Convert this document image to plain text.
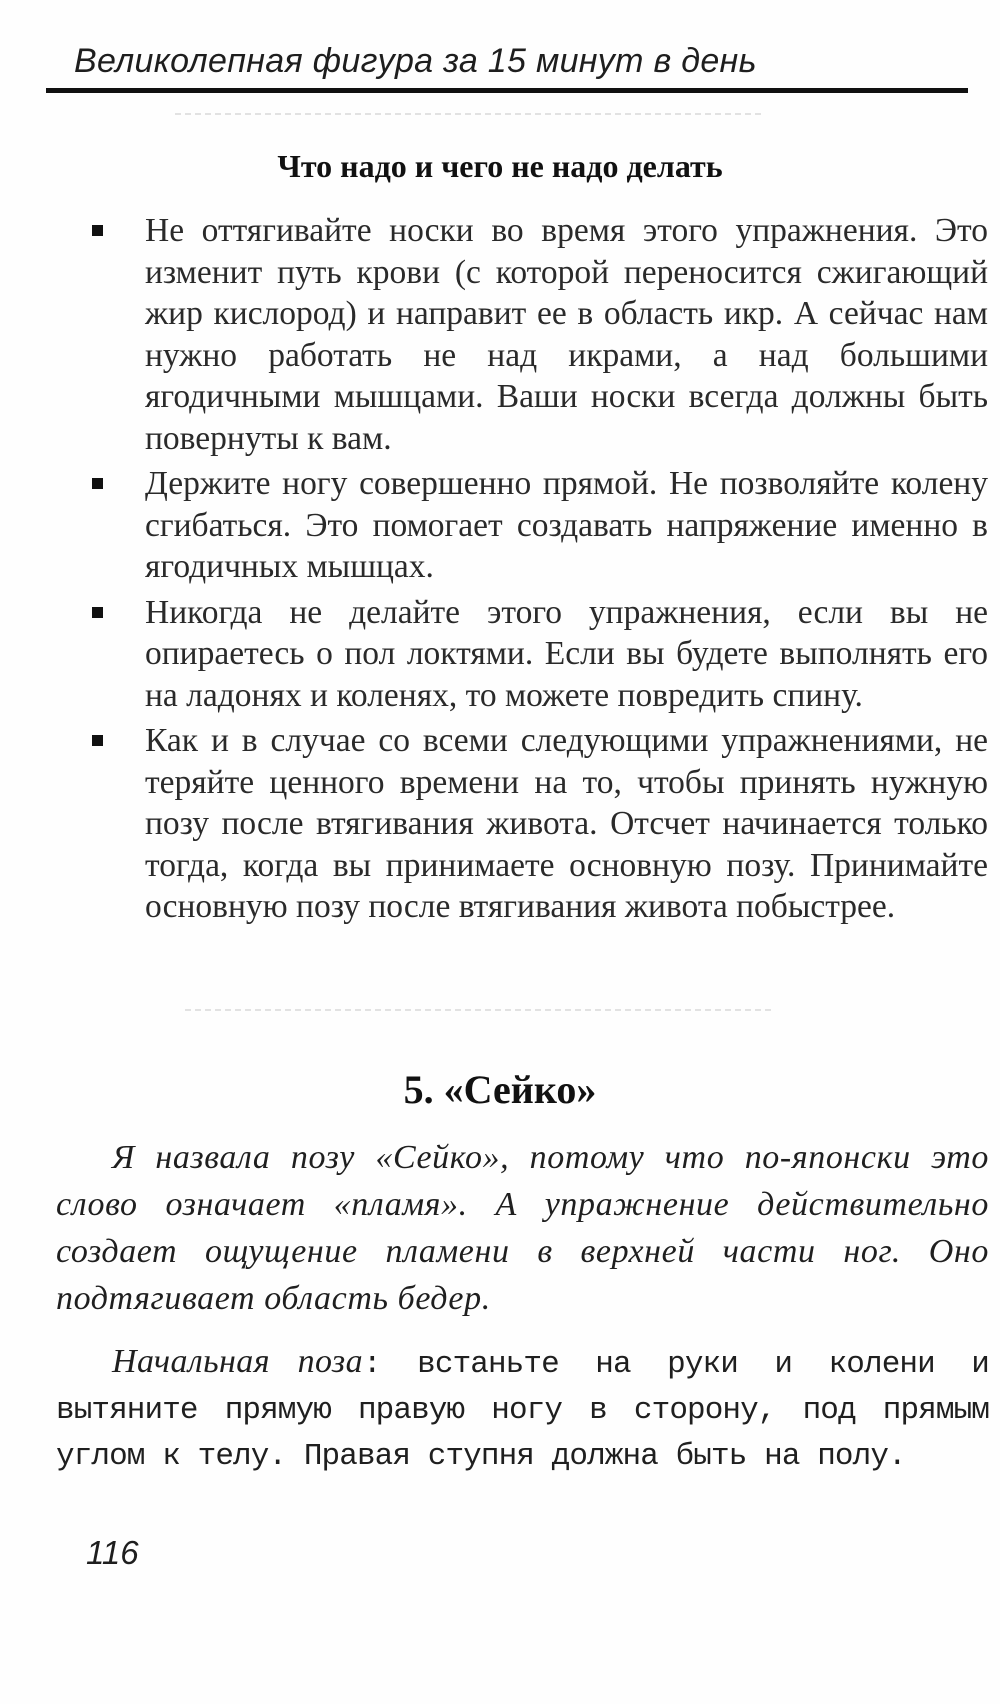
Великолепная фигура за 15 минут в день
Что надо и чего не надо делать
Не оттягивайте носки во время этого упражнения. Это изменит путь крови (с которой переносится сжигающий жир кислород) и направит ее в область икр. А сейчас нам нужно работать не над икрами, а над большими ягодичными мышцами. Ваши носки всегда должны быть повернуты к вам.
Держите ногу совершенно прямой. Не позволяйте колену сгибаться. Это помогает создавать напряжение именно в ягодичных мышцах.
Никогда не делайте этого упражнения, если вы не опираетесь о пол локтями. Если вы будете выполнять его на ладонях и коленях, то можете повредить спину.
Как и в случае со всеми следующими упражнениями, не теряйте ценного времени на то, чтобы принять нужную позу после втягивания живота. Отсчет начинается только тогда, когда вы принимаете основную позу. Принимайте основную позу после втягивания живота побыстрее.
5. «Сейко»

Я назвала позу «Сейко», потому что по-японски это слово означает «пламя». А упражнение действительно создает ощущение пламени в верхней части ног. Оно подтягивает область бедер.

Начальная поза: встаньте на руки и колени и вытяните прямую правую ногу в сторону, под прямым углом к телу. Правая ступня должна быть на полу.

116
